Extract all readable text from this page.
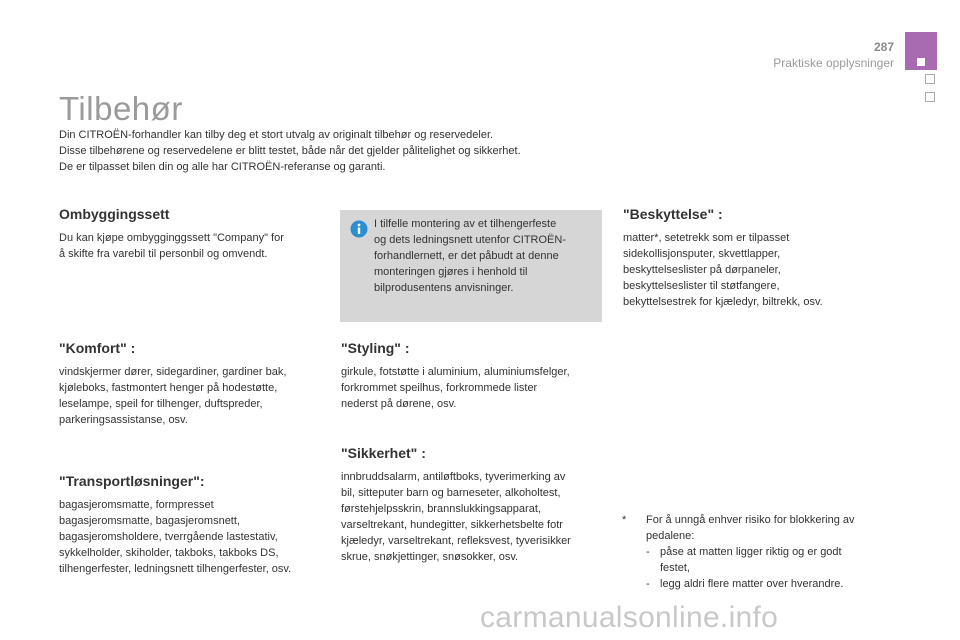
287
Praktiske opplysninger
Tilbehør
Din CITROËN-forhandler kan tilby deg et stort utvalg av originalt tilbehør og reservedeler.
Disse tilbehørene og reservedelene er blitt testet, både når det gjelder pålitelighet og sikkerhet.
De er tilpasset bilen din og alle har CITROËN-referanse og garanti.
Ombyggingssett
Du kan kjøpe ombygginggssett "Company" for
å skifte fra varebil til personbil og omvendt.
"Komfort" :
vindskjermer dører, sidegardiner, gardiner bak,
kjøleboks, fastmontert henger på hodestøtte,
leselampe, speil for tilhenger, duftspreder,
parkeringsassistanse, osv.
"Transportløsninger":
bagasjeromsmatte, formpresset
bagasjeromsmatte, bagasjeromsnett,
bagasjeromsholdere, tverrgående lastestativ,
sykkelholder, skiholder, takboks, takboks DS,
tilhengerfester, ledningsnett tilhengerfester, osv.
I tilfelle montering av et tilhengerfeste
og dets ledningsnett utenfor CITROËN-
forhandlernett, er det påbudt at denne
monteringen gjøres i henhold til
bilprodusentens anvisninger.
"Styling" :
girkule, fotstøtte i aluminium, aluminiumsfelger,
forkrommet speilhus, forkrommede lister
nederst på dørene, osv.
"Sikkerhet" :
innbruddsalarm, antiløftboks, tyverimerking av
bil, sitteputer barn og barneseter, alkoholtest,
førstehjelpsskrin, brannslukkingsapparat,
varseltrekant, hundegitter, sikkerhetsbelte fotr
kjæledyr, varseltrekant, refleksvest, tyverisikker
skrue, snøkjettinger, snøsokker, osv.
"Beskyttelse" :
matter*, setetrekk som er tilpasset
sidekollisjonsputer, skvettlapper,
beskyttelseslister på dørpaneler,
beskyttelseslister til støtfangere,
bekyttelsestrek for kjæledyr, biltrekk, osv.
*	For å unngå enhver risiko for blokkering av
pedalene:
- påse at matten ligger riktig og er godt
festet,
- legg aldri flere matter over hverandre.
carmanualsonline.info
